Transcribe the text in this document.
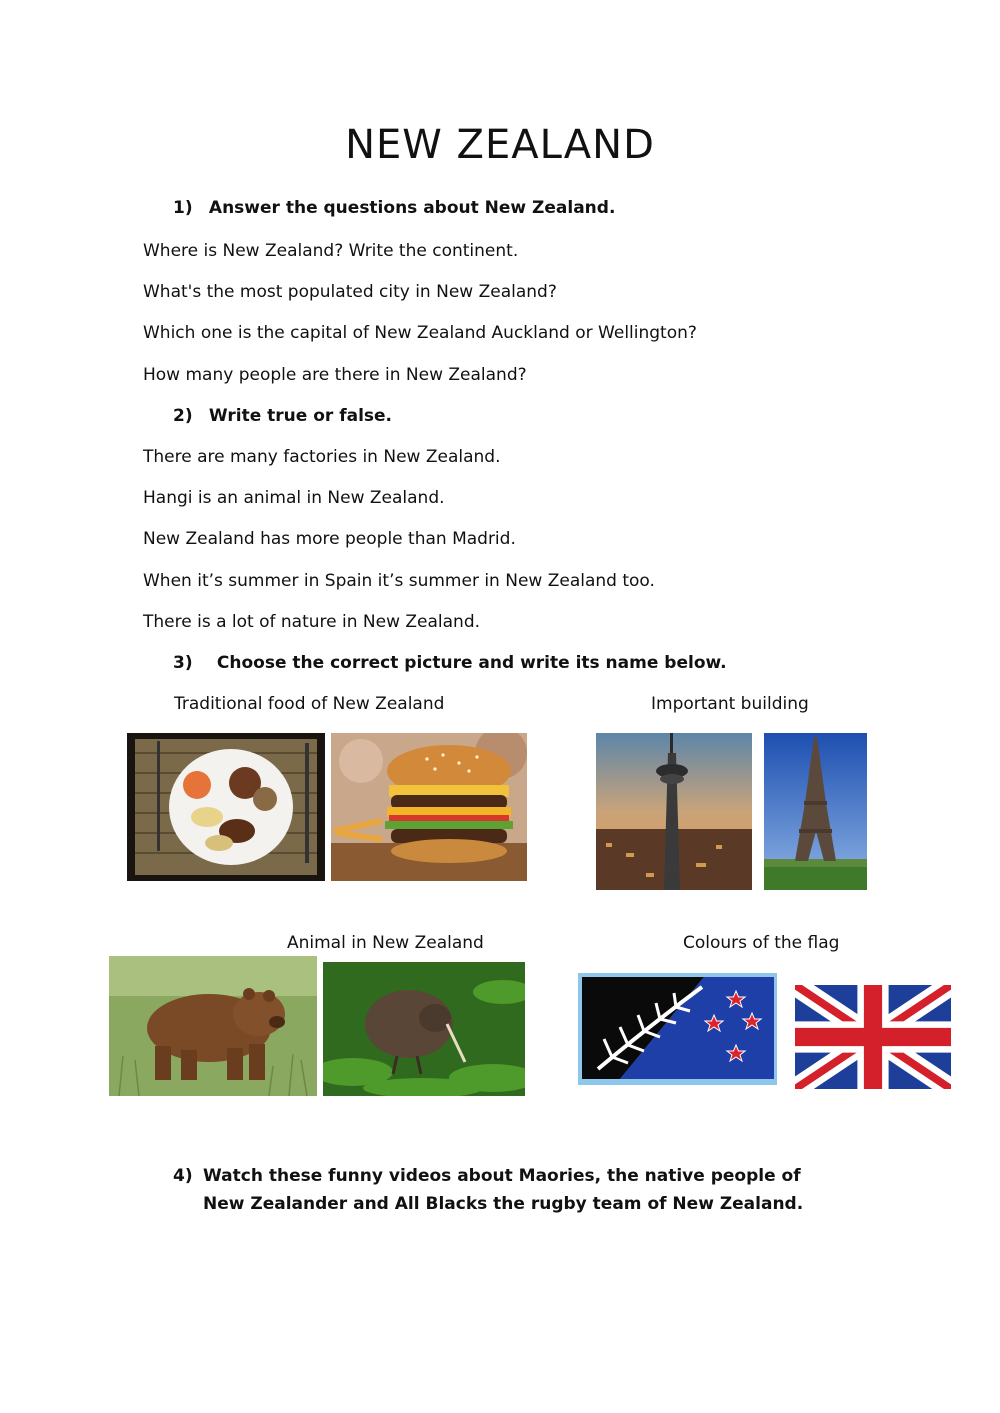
NEW ZEALAND
1) Answer the questions about New Zealand.
Where is New Zealand? Write the continent.
What's the most populated city in New Zealand?
Which one is the capital of New Zealand Auckland or Wellington?
How many people are there in New Zealand?
2) Write true or false.
There are many factories in New Zealand.
Hangi is an animal in New Zealand.
New Zealand has more people than Madrid.
When it’s summer in Spain it’s summer in New Zealand too.
There is a lot of nature in New Zealand.
3) Choose the correct picture and write its name below.
Traditional food of New Zealand	Important building
Animal in New Zealand	Colours of the flag
4) Watch these funny videos about Maories, the native people of New Zealander and All Blacks the rugby team of New Zealand.
